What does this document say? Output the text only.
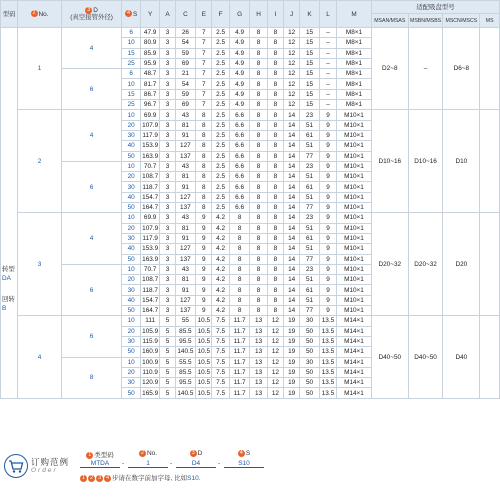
型码	2 No.	3 D
(真空接管外径)	4 S	Y	A	C	E	F	G	H	I	J	K	L	M	适配吸盘型号			
																MSAN/MSAS	MSBN/MSBS	MSCN/MSCS	MS

转型
DA
回转
B	1	4	6	47.9	3	26	7	2.5	4.9	8	8	12	15	–	M8×1	D2~8	–	D6~8	
			10	80.9	3	54	7	2.5	4.9	8	8	12	15	–	M8×1				
			15	85.9	3	59	7	2.5	4.9	8	8	12	15	–	M8×1				
			25	95.9	3	69	7	2.5	4.9	8	8	12	15	–	M8×1				
		6	6	48.7	3	21	7	2.5	4.9	8	8	12	15	–	M8×1				
			10	81.7	3	54	7	2.5	4.9	8	8	12	15	–	M8×1				
			15	86.7	3	59	7	2.5	4.9	8	8	12	15	–	M8×1				
			25	96.7	3	69	7	2.5	4.9	8	8	12	15	–	M8×1				
	2	4	10	69.9	3	43	8	2.5	6.6	8	8	14	23	9	M10×1	D10~16	D10~16	D10	
			20	107.9	3	81	8	2.5	6.6	8	8	14	51	9	M10×1				
			30	117.9	3	91	8	2.5	6.6	8	8	14	61	9	M10×1				
			40	153.9	3	127	8	2.5	6.6	8	8	14	51	9	M10×1				
			50	163.9	3	137	8	2.5	6.6	8	8	14	77	9	M10×1				
		6	10	70.7	3	43	8	2.5	6.6	8	8	14	23	9	M10×1				
			20	108.7	3	81	8	2.5	6.6	8	8	14	51	9	M10×1				
			30	118.7	3	91	8	2.5	6.6	8	8	14	61	9	M10×1				
			40	154.7	3	127	8	2.5	6.6	8	8	14	51	9	M10×1				
			50	164.7	3	137	8	2.5	6.6	8	8	14	77	9	M10×1				
	3	4	10	69.9	3	43	9	4.2	8	8	8	14	23	9	M10×1	D20~32	D20~32	D20	
			20	107.9	3	81	9	4.2	8	8	8	14	51	9	M10×1				
			30	117.9	3	91	9	4.2	8	8	8	14	61	9	M10×1				
			40	153.9	3	127	9	4.2	8	8	8	14	51	9	M10×1				
			50	163.9	3	137	9	4.2	8	8	8	14	77	9	M10×1				
		6	10	70.7	3	43	9	4.2	8	8	8	14	23	9	M10×1				
			20	108.7	3	81	9	4.2	8	8	8	14	51	9	M10×1				
			30	118.7	3	91	9	4.2	8	8	8	14	61	9	M10×1				
			40	154.7	3	127	9	4.2	8	8	8	14	51	9	M10×1				
			50	164.7	3	137	9	4.2	8	8	8	14	77	9	M10×1				
	4	6	10	111	5	55	10.5	7.5	11.7	13	12	19	30	13.5	M14×1	D40~50	D40~50	D40	
			20	105.9	5	85.5	10.5	7.5	11.7	13	12	19	50	13.5	M14×1				
			30	115.9	5	95.5	10.5	7.5	11.7	13	12	19	50	13.5	M14×1				
			50	160.9	5	140.5	10.5	7.5	11.7	13	12	19	50	13.5	M14×1				
		8	10	100.9	5	55.5	10.5	7.5	11.7	13	12	19	30	13.5	M14×1				
			20	110.9	5	85.5	10.5	7.5	11.7	13	12	19	50	13.5	M14×1				
			30	120.9	5	95.5	10.5	7.5	11.7	13	12	19	50	13.5	M14×1				
			50	165.9	5	140.5	10.5	7.5	11.7	13	12	19	50	13.5	M14×1				
订购范例
Order
1 类型码	2 No.	3 D	4 S
MTDA	-	1	-	D4	-	S10
1 2 3 4 步请在数字前加字母, 比如S10.
